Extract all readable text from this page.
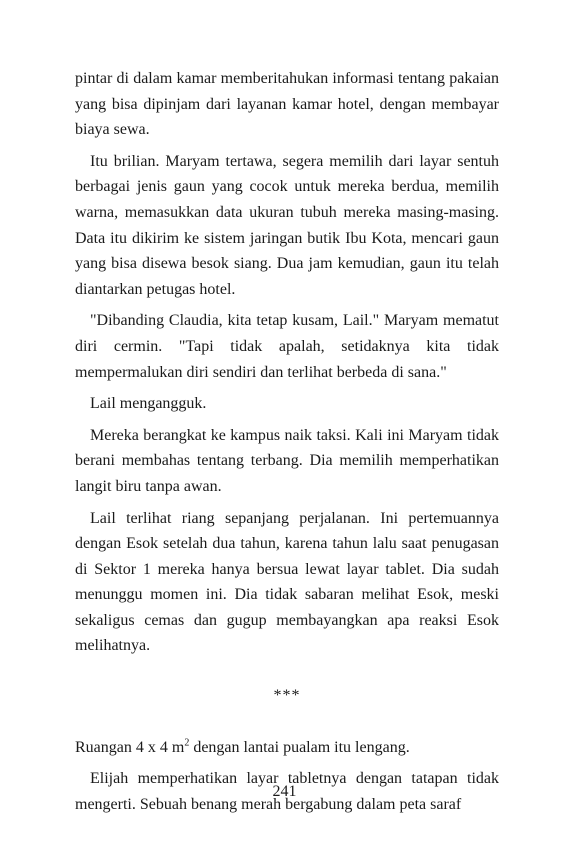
pintar di dalam kamar memberitahukan informasi tentang pakaian yang bisa dipinjam dari layanan kamar hotel, dengan membayar biaya sewa.

Itu brilian. Maryam tertawa, segera memilih dari layar sentuh berbagai jenis gaun yang cocok untuk mereka berdua, memilih warna, memasukkan data ukuran tubuh mereka masing-masing. Data itu dikirim ke sistem jaringan butik Ibu Kota, mencari gaun yang bisa disewa besok siang. Dua jam kemudian, gaun itu telah diantarkan petugas hotel.

"Dibanding Claudia, kita tetap kusam, Lail." Maryam mematut diri cermin. "Tapi tidak apalah, setidaknya kita tidak mempermalukan diri sendiri dan terlihat berbeda di sana."

Lail mengangguk.

Mereka berangkat ke kampus naik taksi. Kali ini Maryam tidak berani membahas tentang terbang. Dia memilih memperhatikan langit biru tanpa awan.

Lail terlihat riang sepanjang perjalanan. Ini pertemuannya dengan Esok setelah dua tahun, karena tahun lalu saat penugasan di Sektor 1 mereka hanya bersua lewat layar tablet. Dia sudah menunggu momen ini. Dia tidak sabaran melihat Esok, meski sekaligus cemas dan gugup membayangkan apa reaksi Esok melihatnya.

***

Ruangan 4 x 4 $m^2$ dengan lantai pualam itu lengang.

Elijah memperhatikan layar tabletnya dengan tatapan tidak mengerti. Sebuah benang merah bergabung dalam peta saraf

241
